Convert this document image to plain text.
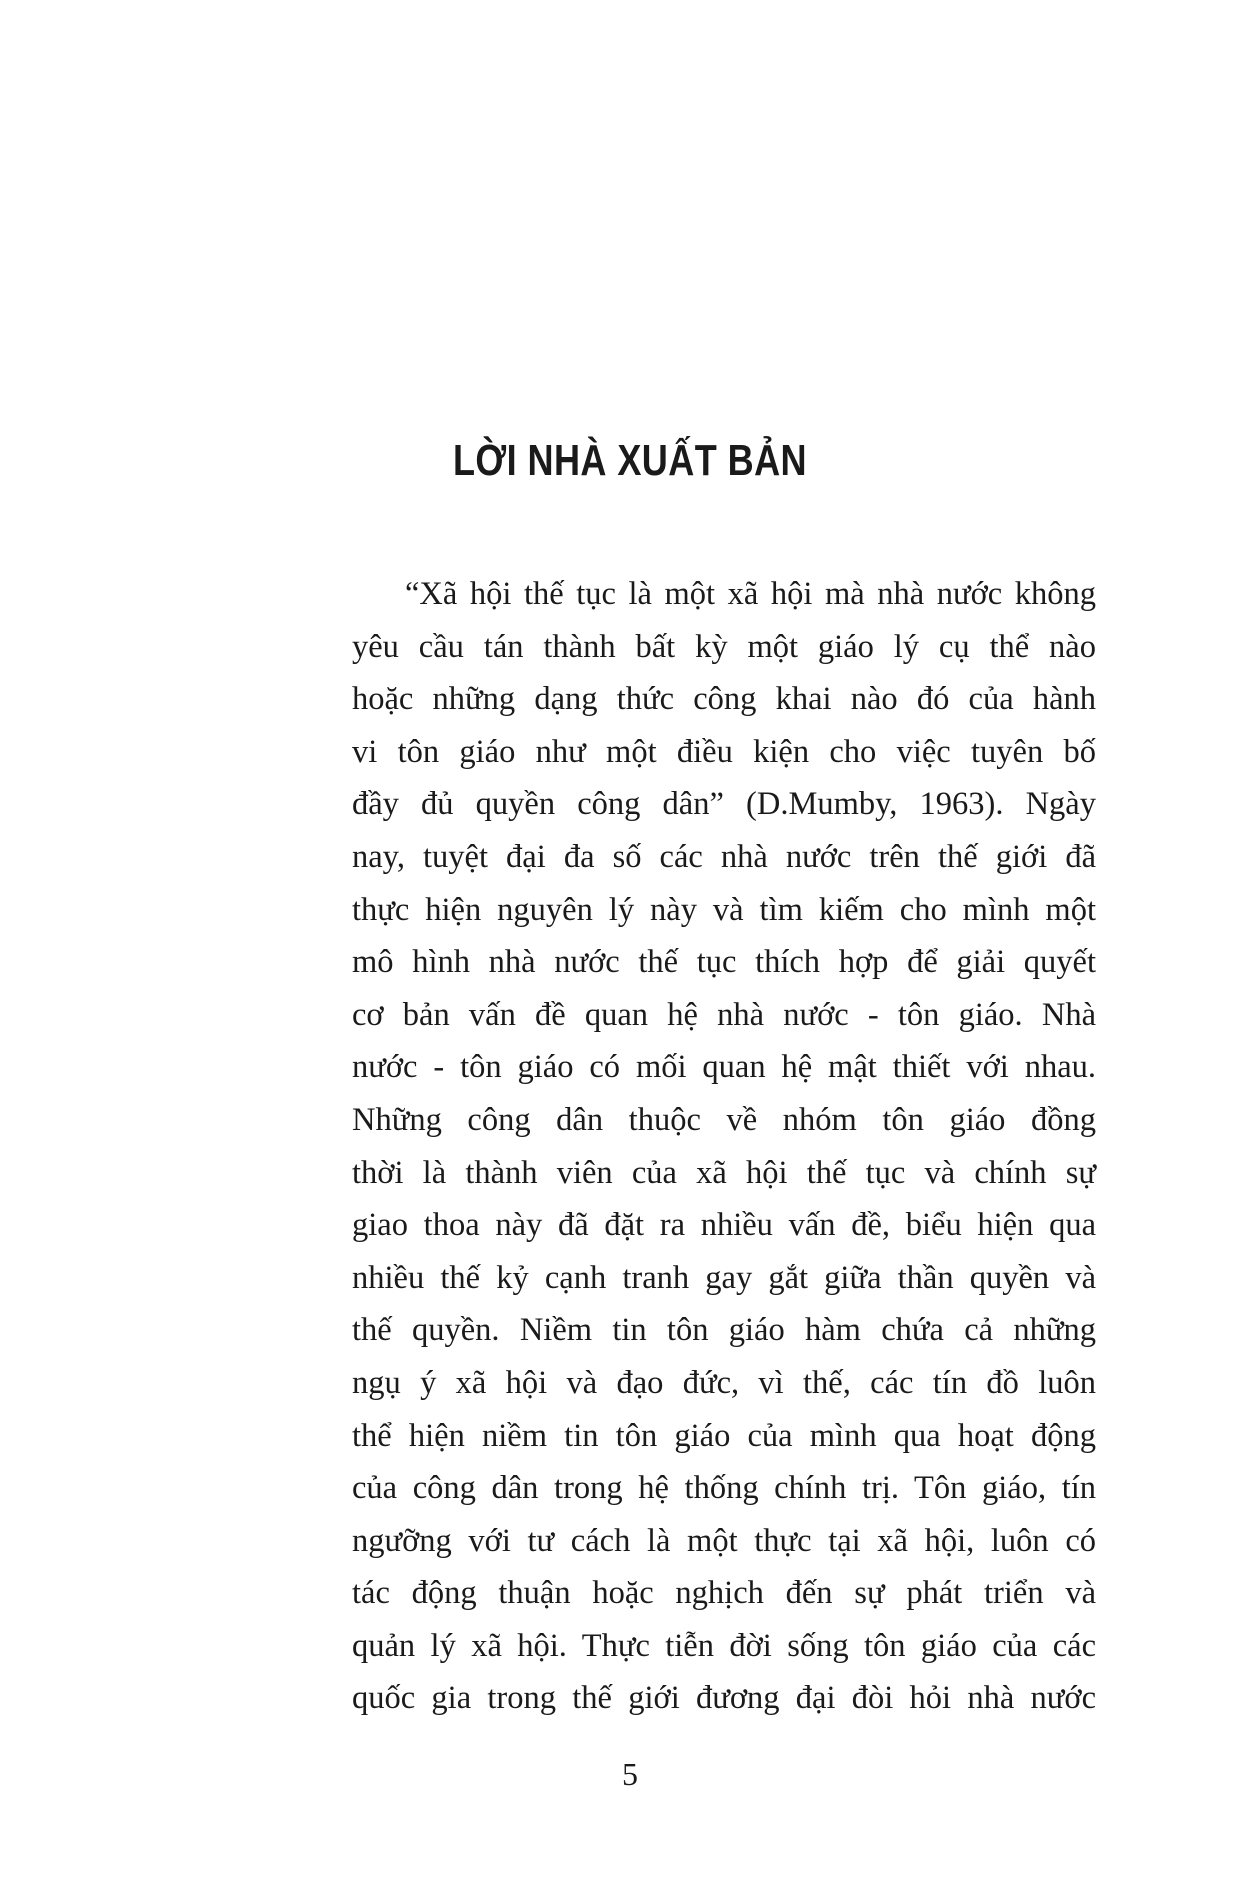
LỜI NHÀ XUẤT BẢN
“Xã hội thế tục là một xã hội mà nhà nước không
yêu cầu tán thành bất kỳ một giáo lý cụ thể nào
hoặc những dạng thức công khai nào đó của hành
vi tôn giáo như một điều kiện cho việc tuyên bố
đầy đủ quyền công dân” (D.Mumby, 1963). Ngày
nay, tuyệt đại đa số các nhà nước trên thế giới đã
thực hiện nguyên lý này và tìm kiếm cho mình một
mô hình nhà nước thế tục thích hợp để giải quyết
cơ bản vấn đề quan hệ nhà nước - tôn giáo. Nhà
nước - tôn giáo có mối quan hệ mật thiết với nhau.
Những công dân thuộc về nhóm tôn giáo đồng
thời là thành viên của xã hội thế tục và chính sự
giao thoa này đã đặt ra nhiều vấn đề, biểu hiện qua
nhiều thế kỷ cạnh tranh gay gắt giữa thần quyền và
thế quyền. Niềm tin tôn giáo hàm chứa cả những
ngụ ý xã hội và đạo đức, vì thế, các tín đồ luôn
thể hiện niềm tin tôn giáo của mình qua hoạt động
của công dân trong hệ thống chính trị. Tôn giáo, tín
ngưỡng với tư cách là một thực tại xã hội, luôn có
tác động thuận hoặc nghịch đến sự phát triển và
quản lý xã hội. Thực tiễn đời sống tôn giáo của các
quốc gia trong thế giới đương đại đòi hỏi nhà nước
5
